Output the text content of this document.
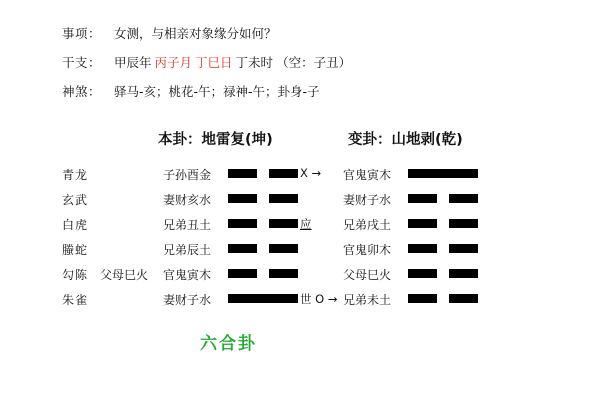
事项：	女测，与相亲对象缘分如何？
干支：	甲辰年 丙子月 丁巳日 丁未时 （空：子丑）
神煞：	驿马-亥；桃花-午；禄神-午；卦身-子
本卦：地雷复(坤)	变卦：山地剥(乾)
青龙	子孙酉金	X →	官鬼寅木
玄武	妻财亥水	妻财子水
白虎	兄弟丑土	应	兄弟戌土
螣蛇	兄弟辰土	官鬼卯木
勾陈 父母巳火	官鬼寅木	父母巳火
朱雀	妻财子水	世 O → 兄弟未土
六合卦
